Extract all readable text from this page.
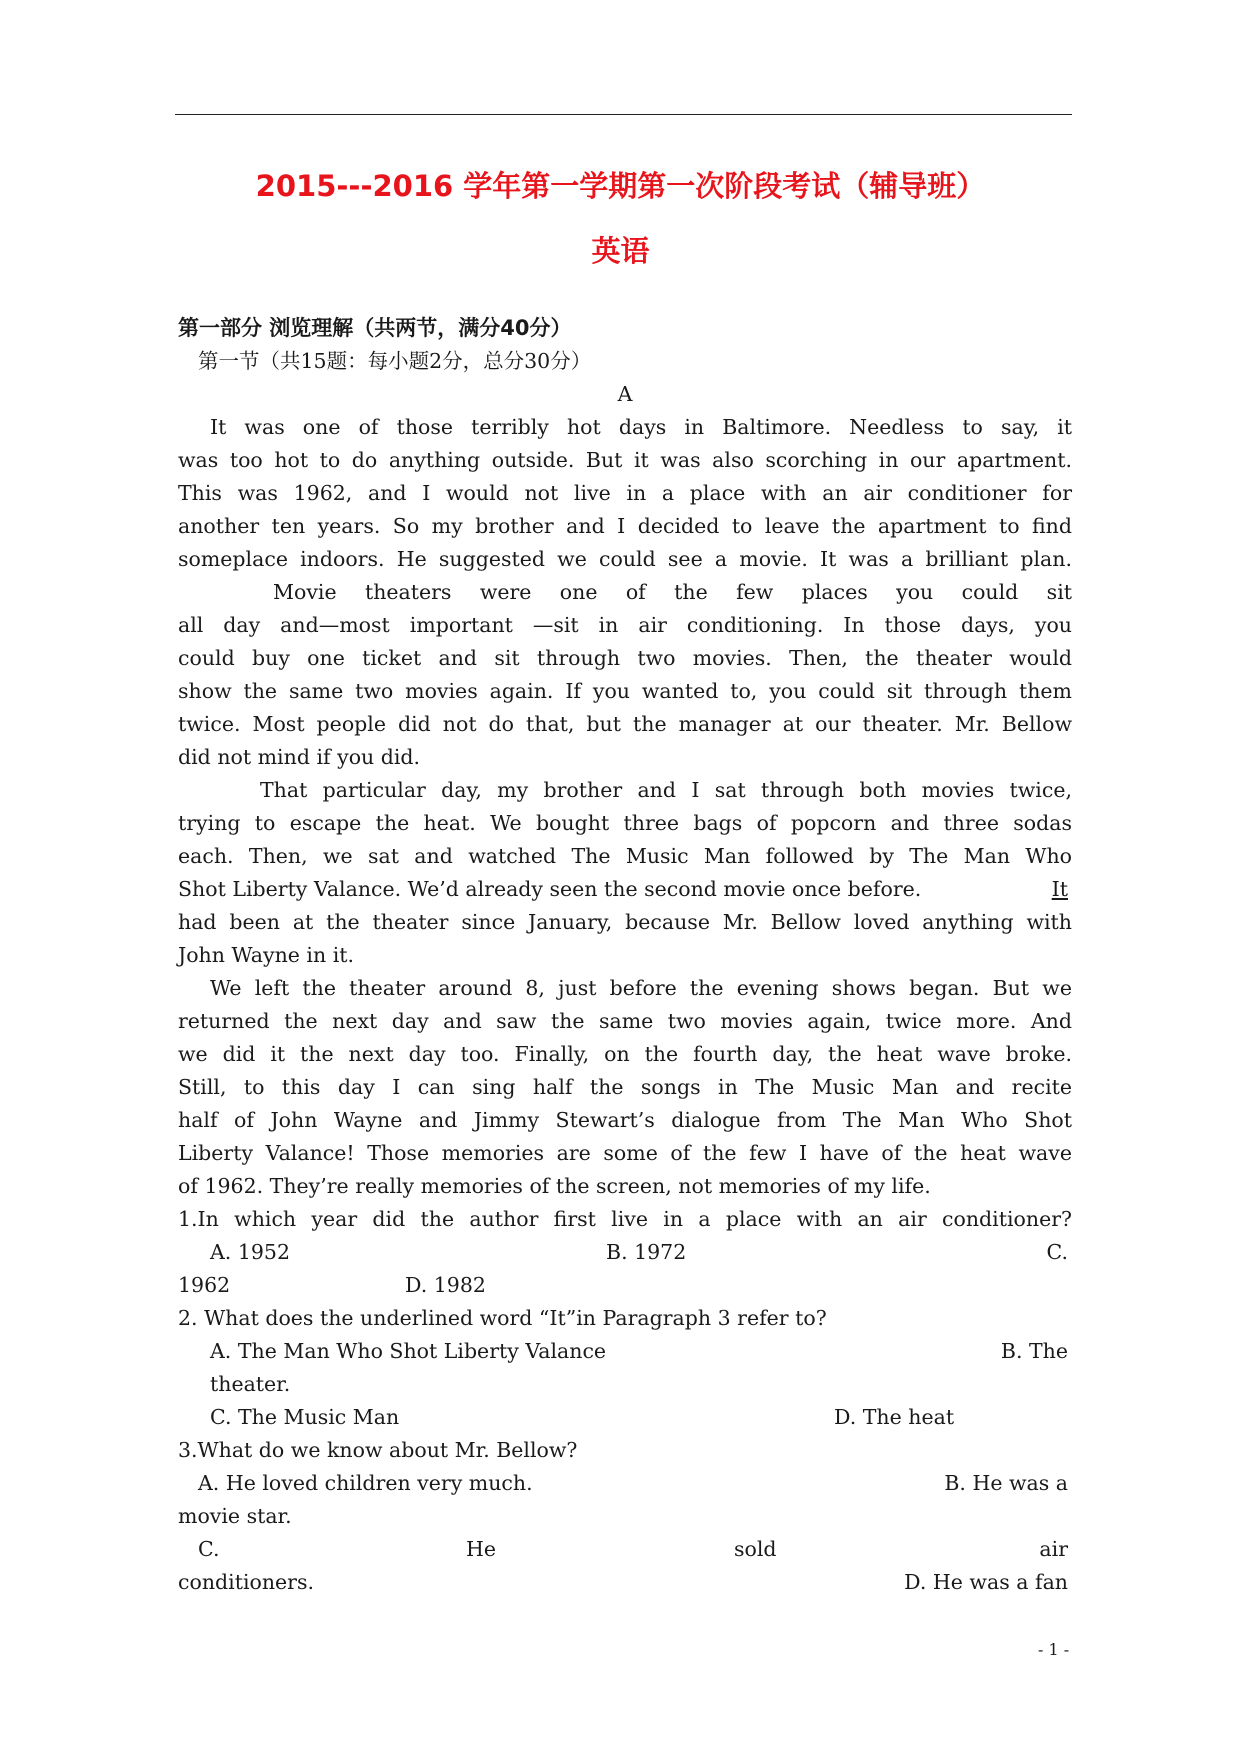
2015---2016 学年第一学期第一次阶段考试（辅导班）
英语
第一部分 浏览理解（共两节，满分40分）
第一节（共15题：每小题2分，总分30分）
A
It was one of those terribly hot days in Baltimore. Needless to say, it
was too hot to do anything outside. But it was also scorching in our apartment.
This was 1962, and I would not live in a place with an air conditioner for
another ten years. So my brother and I decided to leave the apartment to find
someplace indoors. He suggested we could see a movie. It was a brilliant plan.
Movie theaters were one of the few places you could sit
all day and—most important —sit in air conditioning. In those days, you
could buy one ticket and sit through two movies. Then, the theater would
show the same two movies again. If you wanted to, you could sit through them
twice. Most people did not do that, but the manager at our theater. Mr. Bellow
did not mind if you did.
That particular day, my brother and I sat through both movies twice,
trying to escape the heat. We bought three bags of popcorn and three sodas
each. Then, we sat and watched The Music Man followed by The Man Who
Shot Liberty Valance. We’d already seen the second movie once before.	It
had been at the theater since January, because Mr. Bellow loved anything with
John Wayne in it.
We left the theater around 8, just before the evening shows began. But we
returned the next day and saw the same two movies again, twice more. And
we did it the next day too. Finally, on the fourth day, the heat wave broke.
Still, to this day I can sing half the songs in The Music Man and recite
half of John Wayne and Jimmy Stewart’s dialogue from The Man Who Shot
Liberty Valance! Those memories are some of the few I have of the heat wave
of 1962. They’re really memories of the screen, not memories of my life.
1.In which year did the author first live in a place with an air conditioner?
A. 1952	B. 1972	C.
1962	D. 1982
2. What does the underlined word “It”in Paragraph 3 refer to?
A. The Man Who Shot Liberty Valance	B. The
theater.
C. The Music Man	D. The heat
3.What do we know about Mr. Bellow?
A. He loved children very much.	B. He was a
movie star.
C.	He	sold	air
conditioners.	D. He was a fan
- 1 -
